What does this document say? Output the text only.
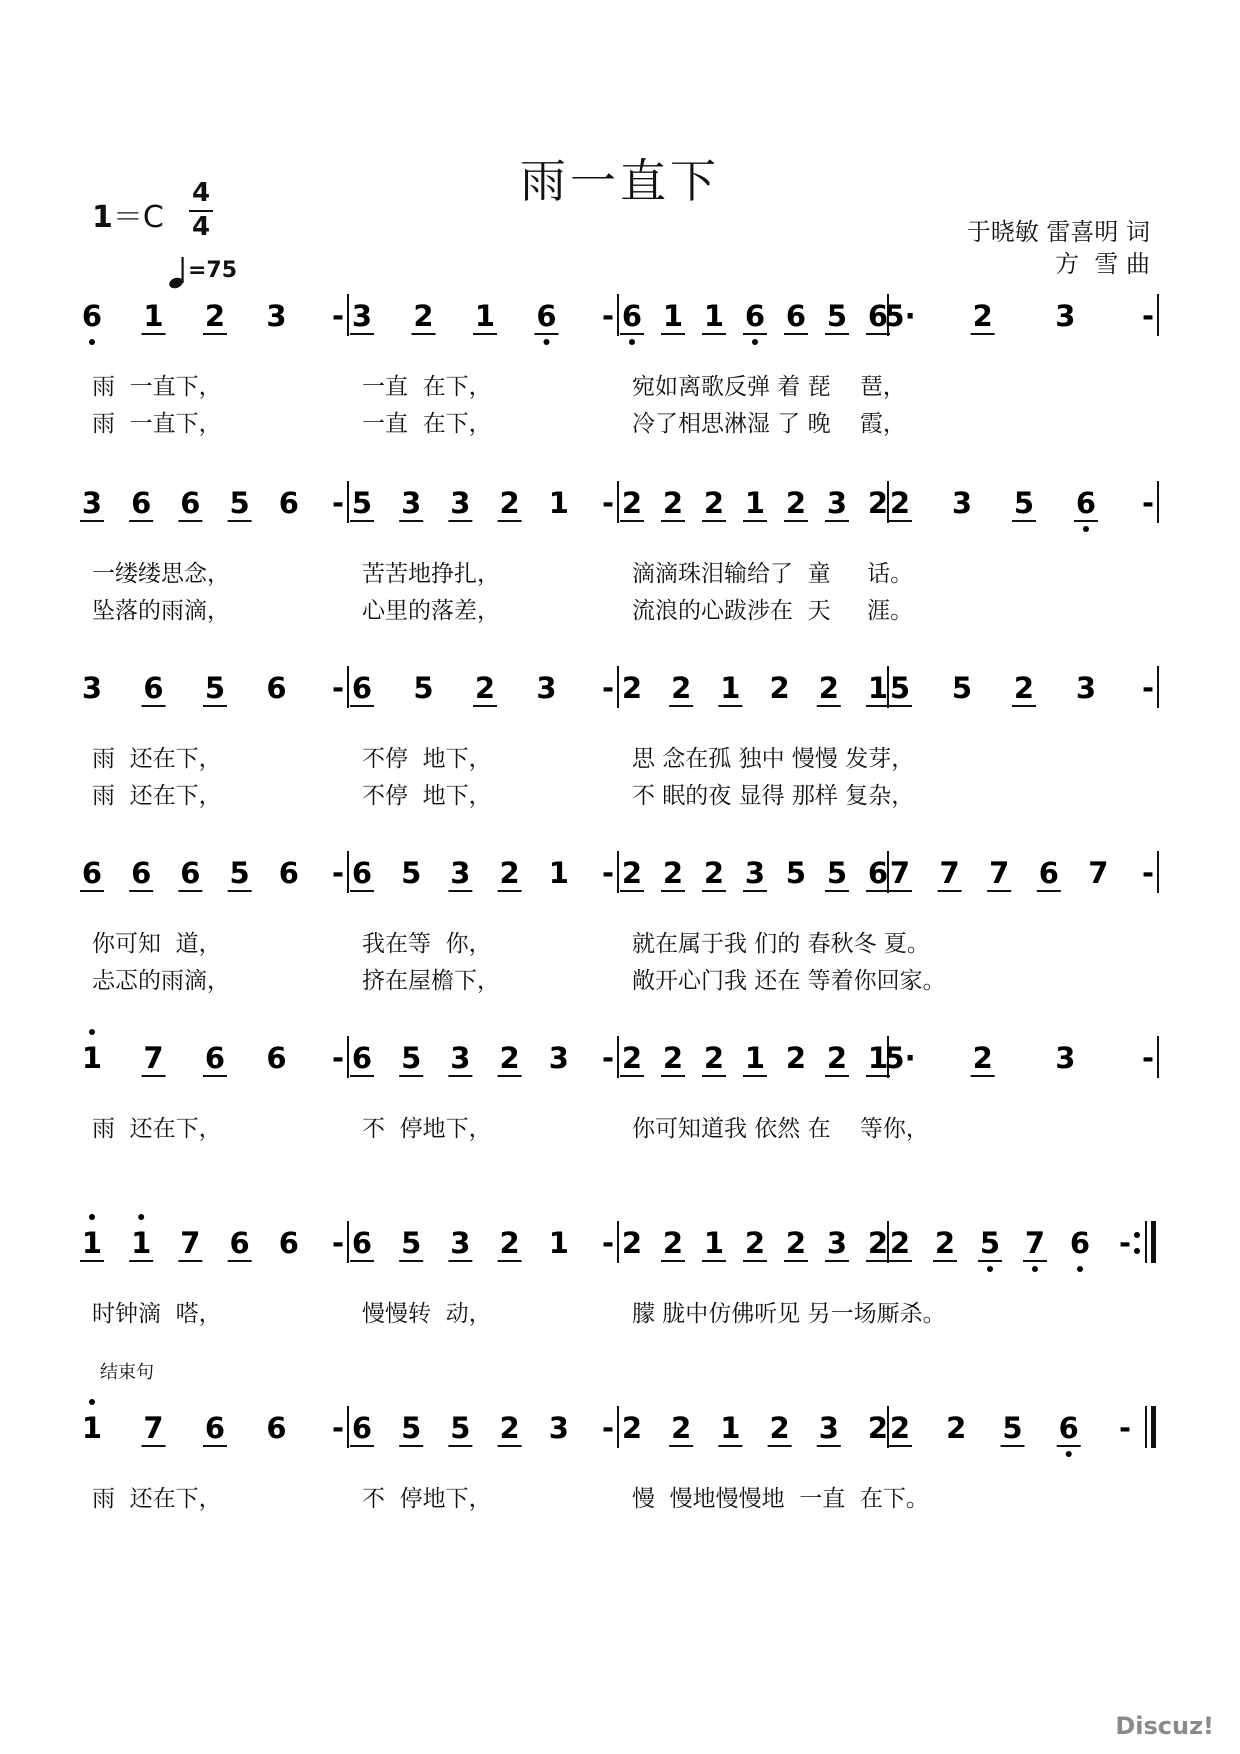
雨一直下
1＝C
4
4
=75
于晓敏 雷喜明 词
方  雪 曲
结束句
6 1 2 3 - 3 2 1 6 - 6 1 1 6 6 5 6
5· 2 3 -
3 6 6 5 6 - 5 3 3 2 1 - 2 2 2 1 2 3 2 2 3 5 6 -
3 6 5 6 - 6 5 2 3 - 2 2 1 2 2 1 5 5 2 3 -
6 6 6 5 6 - 6 5 3 2 1 - 2 2 2 3 5 5 6 7 7 7 6 7 -
1 7 6 6 - 6 5 3 2 3 - 2 2 2 1 2 2 1
5· 2 3 -
1 1 7 6 6 - 6 5 3 2 1 - 2 2 1 2 2 3 2 2 2 5 7 6 -
1 7 6 6 - 6 5 5 2 3 - 2 2 1 2 3 2 2 2 5 6 -
雨  一直下，	一直  在下，	宛如离歌反弹 着 琵    琶，
雨  一直下，	一直  在下，	冷了相思淋湿 了 晚    霞，
一缕缕思念，	苦苦地挣扎，	滴滴珠泪输给了  童     话。
坠落的雨滴，	心里的落差，	流浪的心跋涉在  天     涯。
雨  还在下，	不停  地下，	思 念在孤 独中 慢慢 发芽，
雨  还在下，	不停  地下，	不 眠的夜 显得 那样 复杂，
你可知  道，	我在等  你，	就在属于我 们的 春秋冬 夏。
忐忑的雨滴，	挤在屋檐下，	敞开心门我 还在 等着你回家。
雨  还在下，	不  停地下，	你可知道我 依然 在    等你，
时钟滴  嗒，	慢慢转  动，	朦 胧中仿佛听见 另一场厮杀。
雨  还在下，	不  停地下，	慢  慢地慢慢地  一直  在下。
Discuz!
